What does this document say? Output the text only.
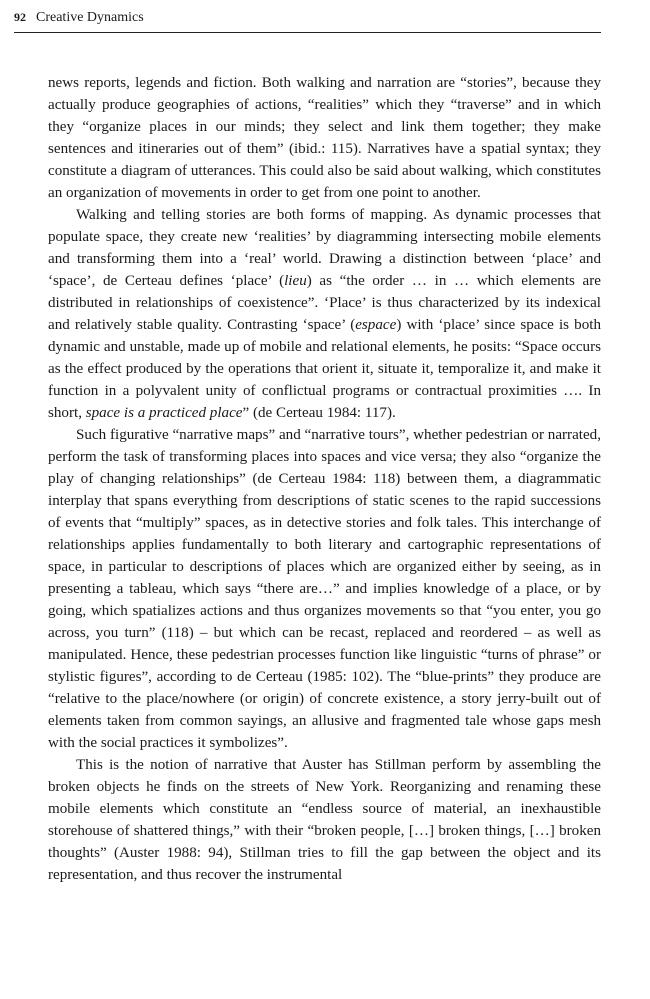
92 Creative Dynamics

news reports, legends and fiction. Both walking and narration are “stories”, because they actually produce geographies of actions, “realities” which they “traverse” and in which they “organize places in our minds; they select and link them together; they make sentences and itineraries out of them” (ibid.: 115). Narratives have a spatial syntax; they constitute a diagram of utterances. This could also be said about walking, which constitutes an organization of movements in order to get from one point to another.

Walking and telling stories are both forms of mapping. As dynamic processes that populate space, they create new ‘realities’ by diagramming intersecting mobile elements and transforming them into a ‘real’ world. Drawing a distinction between ‘place’ and ‘space’, de Certeau defines ‘place’ (lieu) as “the order … in … which elements are distributed in relationships of coexistence”. ‘Place’ is thus characterized by its indexical and relatively stable quality. Contrasting ‘space’ (espace) with ‘place’ since space is both dynamic and unstable, made up of mobile and relational elements, he posits: “Space occurs as the effect produced by the operations that orient it, situate it, temporalize it, and make it function in a polyvalent unity of conflictual programs or contractual proximities …. In short, space is a practiced place” (de Certeau 1984: 117).

Such figurative “narrative maps” and “narrative tours”, whether pedestrian or narrated, perform the task of transforming places into spaces and vice versa; they also “organize the play of changing relationships” (de Certeau 1984: 118) between them, a diagrammatic interplay that spans everything from descriptions of static scenes to the rapid successions of events that “multiply” spaces, as in detective stories and folk tales. This interchange of relationships applies fundamentally to both literary and cartographic representations of space, in particular to descriptions of places which are organized either by seeing, as in presenting a tableau, which says “there are…” and implies knowledge of a place, or by going, which spatializes actions and thus organizes movements so that “you enter, you go across, you turn” (118) – but which can be recast, replaced and reordered – as well as manipulated. Hence, these pedestrian processes function like linguistic “turns of phrase” or stylistic figures”, according to de Certeau (1985: 102). The “blue-prints” they produce are “relative to the place/nowhere (or origin) of concrete existence, a story jerry-built out of elements taken from common sayings, an allusive and fragmented tale whose gaps mesh with the social practices it symbolizes”.

This is the notion of narrative that Auster has Stillman perform by assembling the broken objects he finds on the streets of New York. Reorganizing and renaming these mobile elements which constitute an “endless source of material, an inexhaustible storehouse of shattered things,” with their “broken people, […] broken things, […] broken thoughts” (Auster 1988: 94), Stillman tries to fill the gap between the object and its representation, and thus recover the instrumental
